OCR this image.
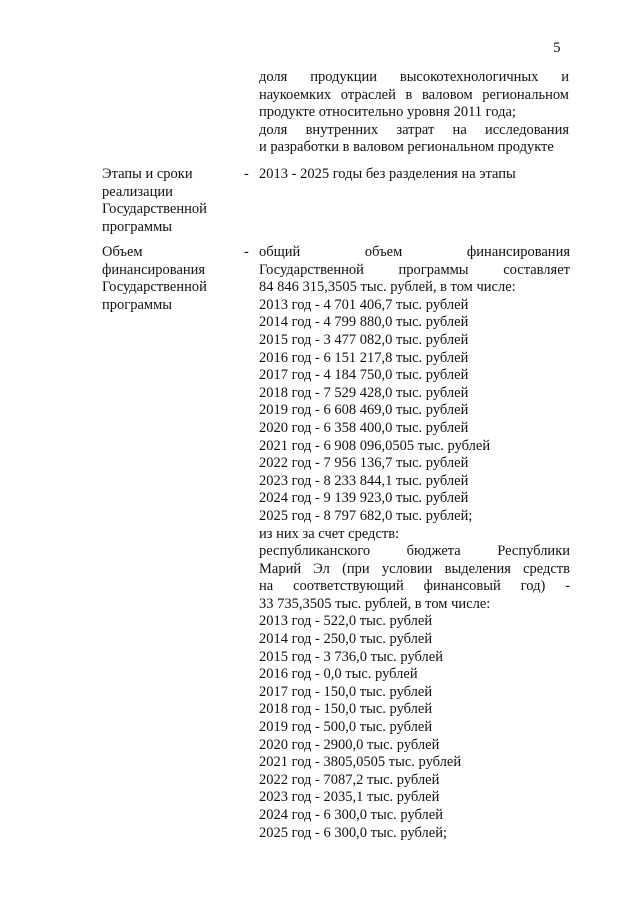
5
доля продукции высокотехнологичных и
наукоемких отраслей в валовом региональном
продукте относительно уровня 2011 года;
доля внутренних затрат на исследования
и разработки в валовом региональном продукте
Этапы и сроки
реализации
Государственной
программы
- 2013 - 2025 годы без разделения на этапы
Объем
финансирования
Государственной
программы
- общий объем финансирования
Государственной программы составляет
84 846 315,3505 тыс. рублей, в том числе:
2013 год - 4 701 406,7 тыс. рублей
2014 год - 4 799 880,0 тыс. рублей
2015 год - 3 477 082,0 тыс. рублей
2016 год - 6 151 217,8 тыс. рублей
2017 год - 4 184 750,0 тыс. рублей
2018 год - 7 529 428,0 тыс. рублей
2019 год - 6 608 469,0 тыс. рублей
2020 год - 6 358 400,0 тыс. рублей
2021 год - 6 908 096,0505 тыс. рублей
2022 год - 7 956 136,7 тыс. рублей
2023 год - 8 233 844,1 тыс. рублей
2024 год - 9 139 923,0 тыс. рублей
2025 год - 8 797 682,0 тыс. рублей;
из них за счет средств:
республиканского бюджета Республики
Марий Эл (при условии выделения средств
на соответствующий финансовый год) -
33 735,3505 тыс. рублей, в том числе:
2013 год - 522,0 тыс. рублей
2014 год - 250,0 тыс. рублей
2015 год - 3 736,0 тыс. рублей
2016 год - 0,0 тыс. рублей
2017 год - 150,0 тыс. рублей
2018 год - 150,0 тыс. рублей
2019 год - 500,0 тыс. рублей
2020 год - 2900,0 тыс. рублей
2021 год - 3805,0505 тыс. рублей
2022 год - 7087,2 тыс. рублей
2023 год - 2035,1 тыс. рублей
2024 год - 6 300,0 тыс. рублей
2025 год - 6 300,0 тыс. рублей;
